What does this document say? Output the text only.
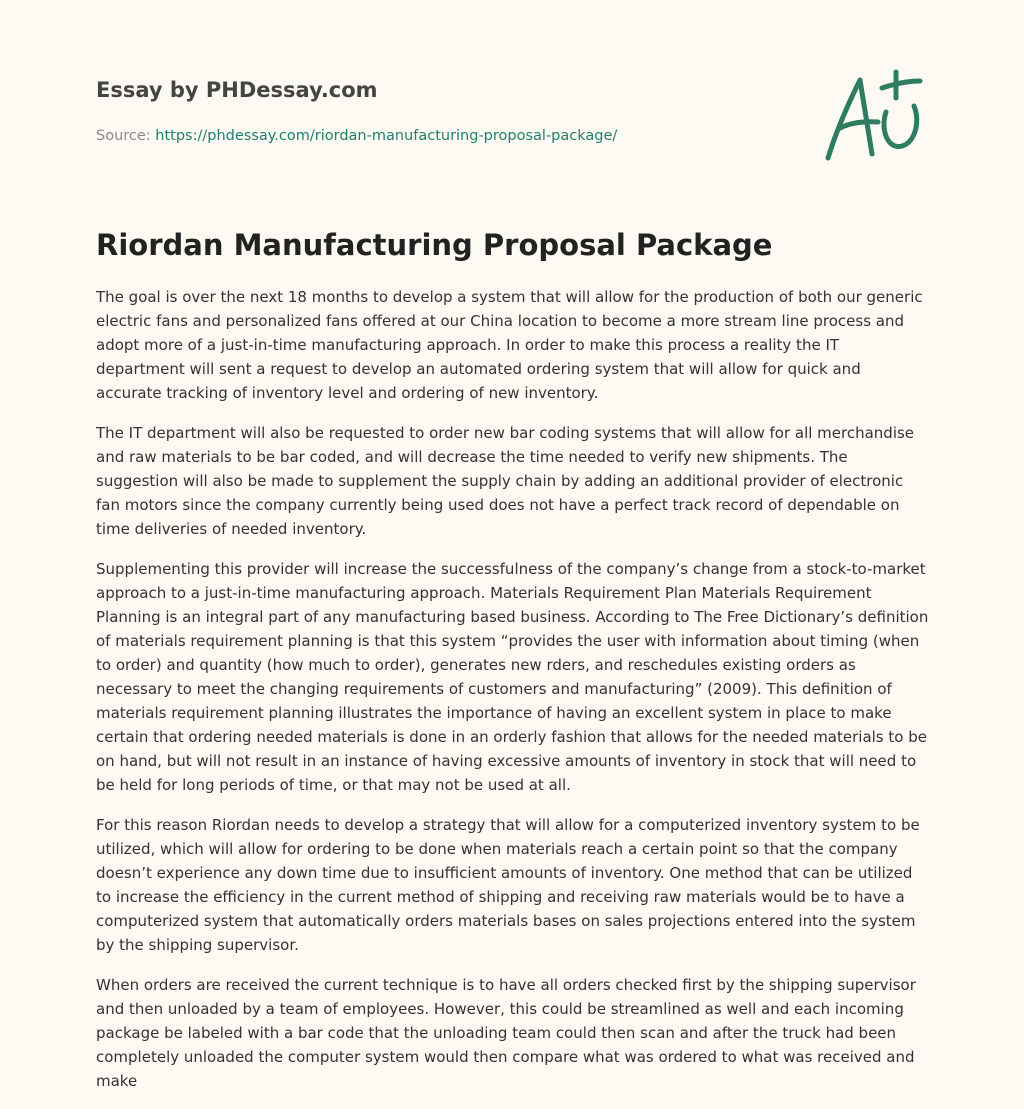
Essay by PHDessay.com

Source: https://phdessay.com/riordan-manufacturing-proposal-package/
Riordan Manufacturing Proposal Package

The goal is over the next 18 months to develop a system that will allow for the production of both our generic electric fans and personalized fans offered at our China location to become a more stream line process and adopt more of a just-in-time manufacturing approach. In order to make this process a reality the IT department will sent a request to develop an automated ordering system that will allow for quick and accurate tracking of inventory level and ordering of new inventory.

The IT department will also be requested to order new bar coding systems that will allow for all merchandise and raw materials to be bar coded, and will decrease the time needed to verify new shipments. The suggestion will also be made to supplement the supply chain by adding an additional provider of electronic fan motors since the company currently being used does not have a perfect track record of dependable on time deliveries of needed inventory.

Supplementing this provider will increase the successfulness of the company’s change from a stock-to-market approach to a just-in-time manufacturing approach. Materials Requirement Plan Materials Requirement Planning is an integral part of any manufacturing based business. According to The Free Dictionary’s definition of materials requirement planning is that this system “provides the user with information about timing (when to order) and quantity (how much to order), generates new rders, and reschedules existing orders as necessary to meet the changing requirements of customers and manufacturing” (2009). This definition of materials requirement planning illustrates the importance of having an excellent system in place to make certain that ordering needed materials is done in an orderly fashion that allows for the needed materials to be on hand, but will not result in an instance of having excessive amounts of inventory in stock that will need to be held for long periods of time, or that may not be used at all.

For this reason Riordan needs to develop a strategy that will allow for a computerized inventory system to be utilized, which will allow for ordering to be done when materials reach a certain point so that the company doesn’t experience any down time due to insufficient amounts of inventory. One method that can be utilized to increase the efficiency in the current method of shipping and receiving raw materials would be to have a computerized system that automatically orders materials bases on sales projections entered into the system by the shipping supervisor.

When orders are received the current technique is to have all orders checked first by the shipping supervisor and then unloaded by a team of employees. However, this could be streamlined as well and each incoming package be labeled with a bar code that the unloading team could then scan and after the truck had been completely unloaded the computer system would then compare what was ordered to what was received and make
